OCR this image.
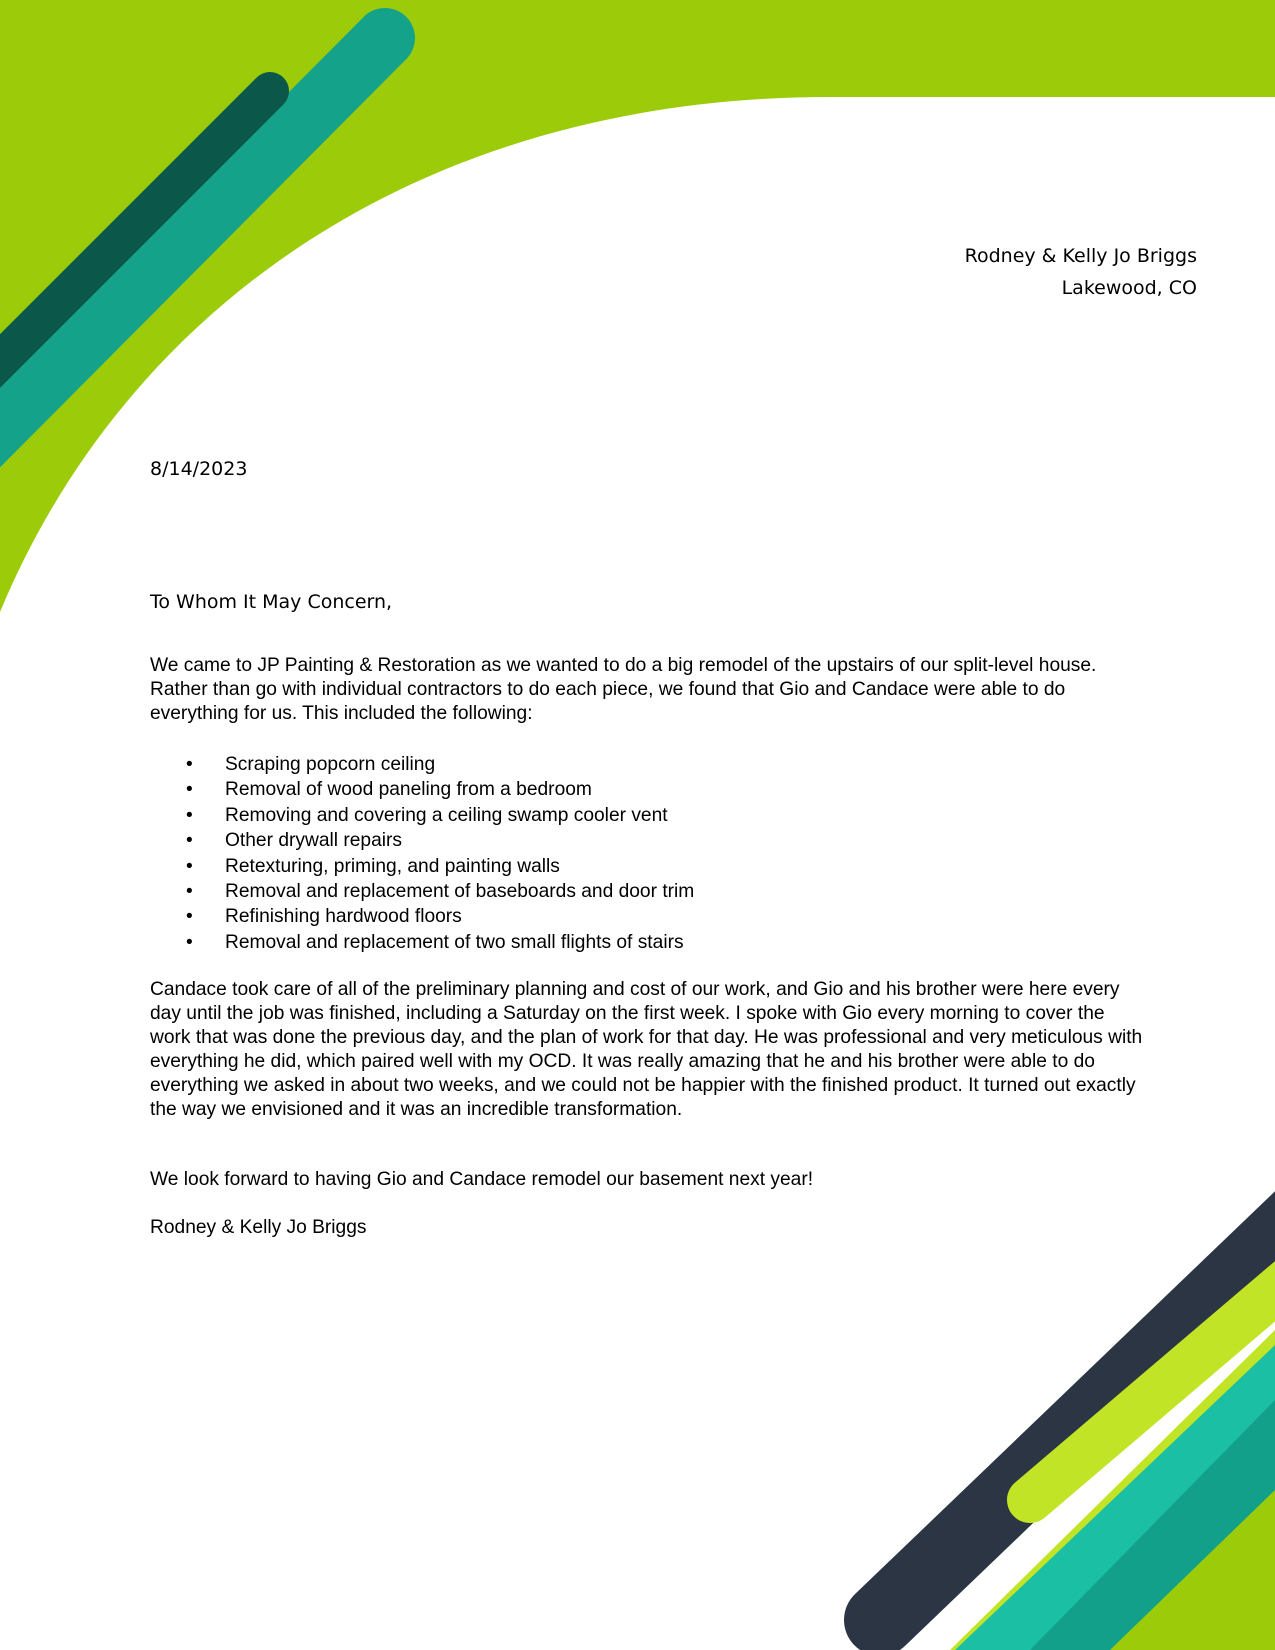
Rodney & Kelly Jo Briggs
Lakewood, CO
8/14/2023
To Whom It May Concern,
We came to JP Painting & Restoration as we wanted to do a big remodel of the upstairs of our split-level house. Rather than go with individual contractors to do each piece, we found that Gio and Candace were able to do everything for us. This included the following:
• Scraping popcorn ceiling
• Removal of wood paneling from a bedroom
• Removing and covering a ceiling swamp cooler vent
• Other drywall repairs
• Retexturing, priming, and painting walls
• Removal and replacement of baseboards and door trim
• Refinishing hardwood floors
• Removal and replacement of two small flights of stairs
Candace took care of all of the preliminary planning and cost of our work, and Gio and his brother were here every day until the job was finished, including a Saturday on the first week. I spoke with Gio every morning to cover the work that was done the previous day, and the plan of work for that day. He was professional and very meticulous with everything he did, which paired well with my OCD. It was really amazing that he and his brother were able to do everything we asked in about two weeks, and we could not be happier with the finished product. It turned out exactly the way we envisioned and it was an incredible transformation.
We look forward to having Gio and Candace remodel our basement next year!
Rodney & Kelly Jo Briggs
